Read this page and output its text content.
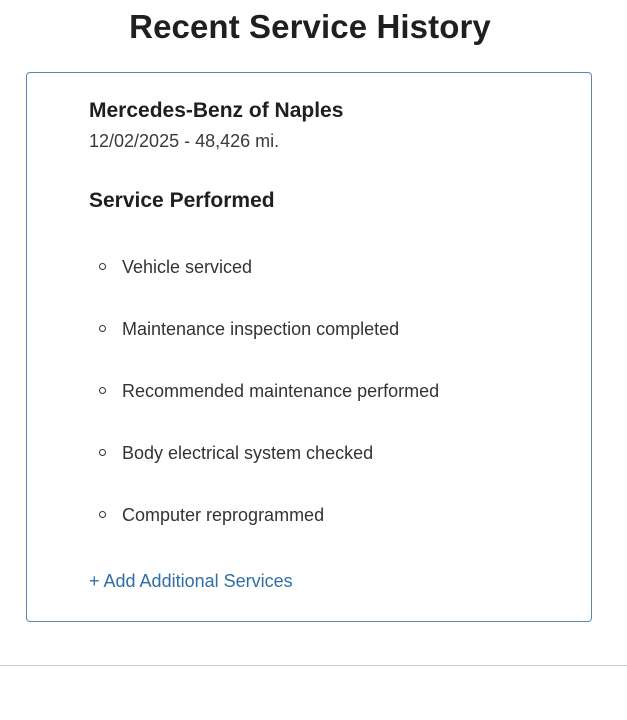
Recent Service History
Mercedes-Benz of Naples
12/02/2025 - 48,426 mi.
Service Performed
Vehicle serviced
Maintenance inspection completed
Recommended maintenance performed
Body electrical system checked
Computer reprogrammed
+ Add Additional Services
